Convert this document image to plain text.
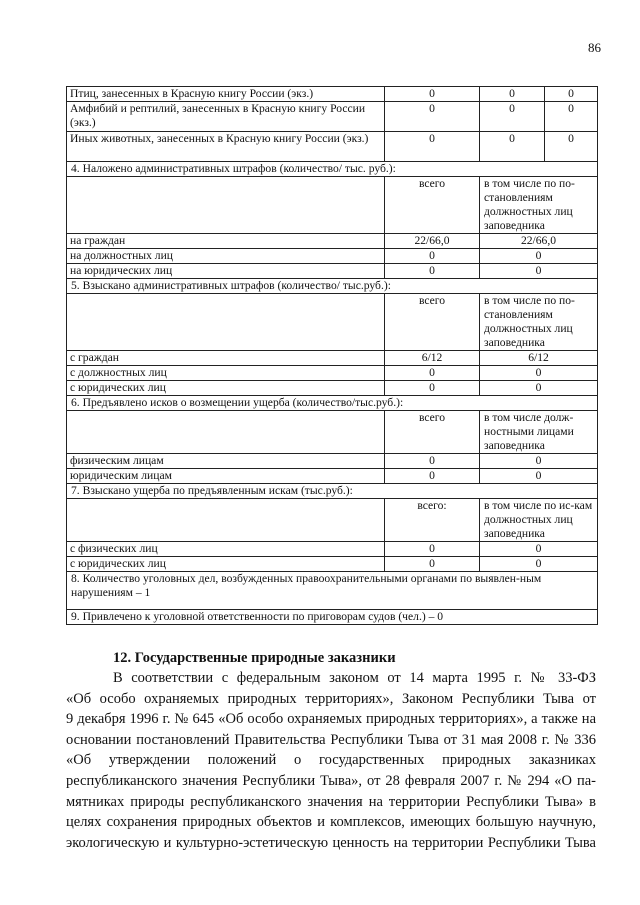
86
Птиц, занесенных в Красную книгу России (экз.)	0	0	0
Амфибий и рептилий, занесенных в Красную книгу России (экз.)	0	0	0
Иных животных, занесенных в Красную книгу России (экз.)	0	0	0
4. Наложено административных штрафов (количество/ тыс. руб.):			
	всего	в том числе по по-становлениям должностных лиц заповедника	
на граждан	22/66,0	22/66,0	
на должностных лиц	0	0	
на юридических лиц	0	0	
5. Взыскано административных штрафов (количество/ тыс.руб.):			
	всего	в том числе по по-становлениям должностных лиц заповедника	
с граждан	6/12	6/12	
с должностных лиц	0	0	
с юридических лиц	0	0	
6. Предъявлено исков о возмещении ущерба (количество/тыс.руб.):			
	всего	в том числе долж-ностными лицами заповедника	
физическим лицам	0	0	
юридическим лицам	0	0	
7. Взыскано ущерба по предъявленным искам (тыс.руб.):			
	всего:	в том числе по ис-кам должностных лиц заповедника	
с физических лиц	0	0	
с юридических лиц	0	0	
8. Количество уголовных дел, возбужденных правоохранительными органами по выявлен-ным нарушениям – 1			
9. Привлечено к уголовной ответственности по приговорам судов (чел.) – 0			
12. Государственные природные заказники
В соответствии с федеральным законом от 14 марта 1995 г. № 33-ФЗ
«Об особо охраняемых природных территориях», Законом Республики Тыва от
9 декабря 1996 г. № 645 «Об особо охраняемых природных территориях», а также на
основании постановлений Правительства Республики Тыва от 31 мая 2008 г. № 336
«Об утверждении положений о государственных природных заказниках
республиканского значения Республики Тыва», от 28 февраля 2007 г. № 294 «О па-
мятниках природы республиканского значения на территории Республики Тыва» в
целях сохранения природных объектов и комплексов, имеющих большую научную,
экологическую и культурно-эстетическую ценность на территории Республики Тыва
